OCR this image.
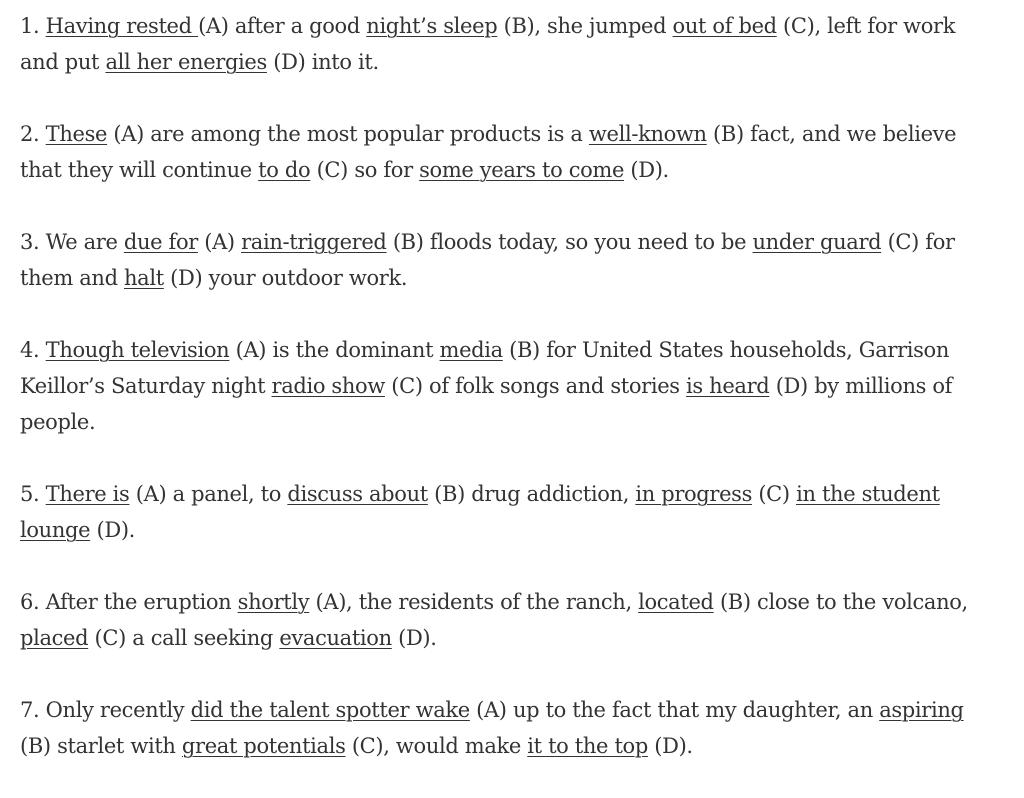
1. Having rested (A) after a good night’s sleep (B), she jumped out of bed (C), left for work and put all her energies (D) into it.

2. These (A) are among the most popular products is a well-known (B) fact, and we believe that they will continue to do (C) so for some years to come (D).

3. We are due for (A) rain-triggered (B) floods today, so you need to be under guard (C) for them and halt (D) your outdoor work.

4. Though television (A) is the dominant media (B) for United States households, Garrison Keillor’s Saturday night radio show (C) of folk songs and stories is heard (D) by millions of people.

5. There is (A) a panel, to discuss about (B) drug addiction, in progress (C) in the student lounge (D).

6. After the eruption shortly (A), the residents of the ranch, located (B) close to the volcano, placed (C) a call seeking evacuation (D).

7. Only recently did the talent spotter wake (A) up to the fact that my daughter, an aspiring (B) starlet with great potentials (C), would make it to the top (D).
